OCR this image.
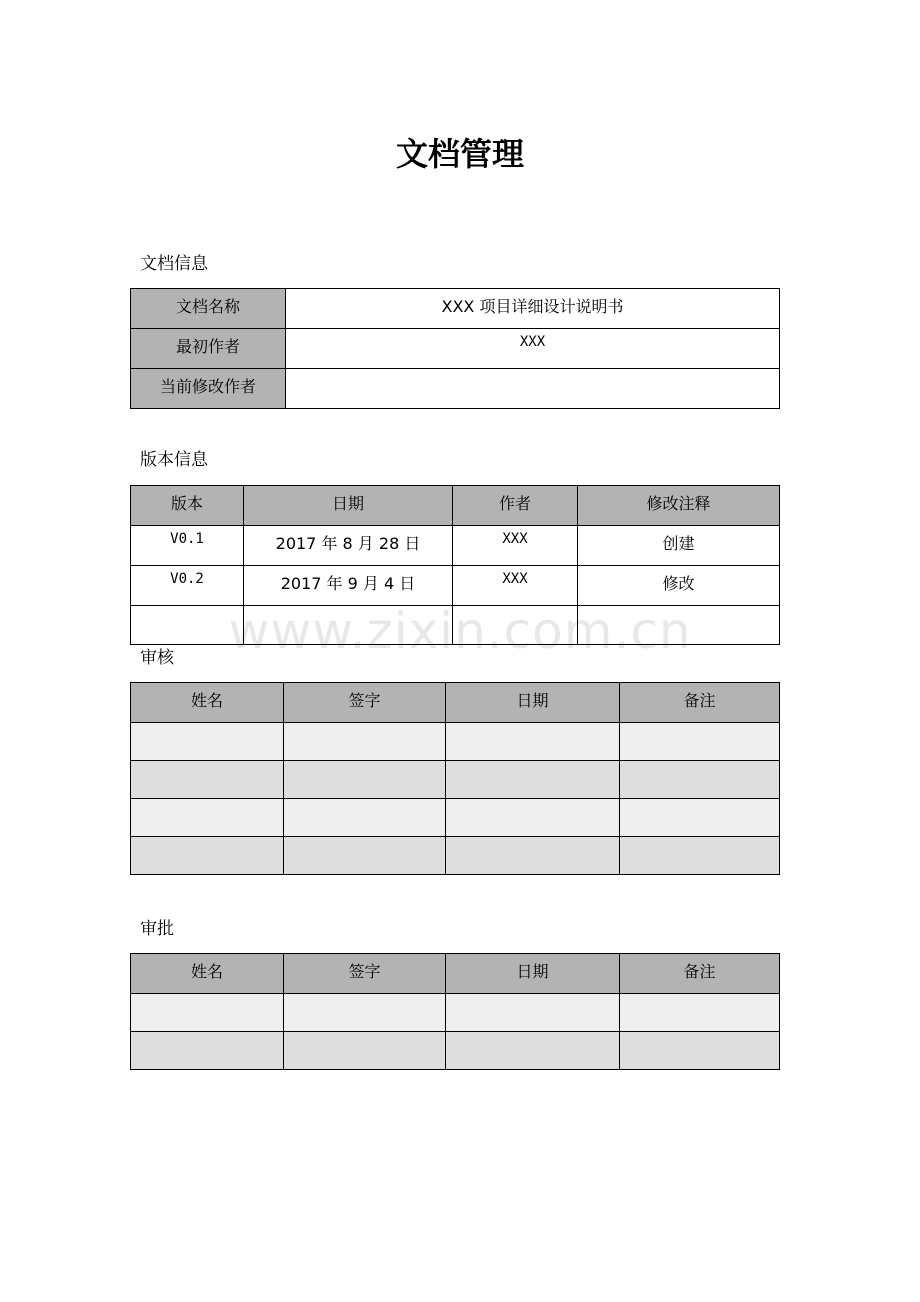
文档管理
文档信息
文档名称	XXX 项目详细设计说明书
最初作者	XXX
当前修改作者	
版本信息
版本	日期	作者	修改注释
V0.1	2017 年 8 月 28 日	XXX	创建
V0.2	2017 年 9 月 4 日	XXX	修改

审核
姓名	签字	日期	备注

审批
姓名	签字	日期	备注

www.zixin.com.cn
